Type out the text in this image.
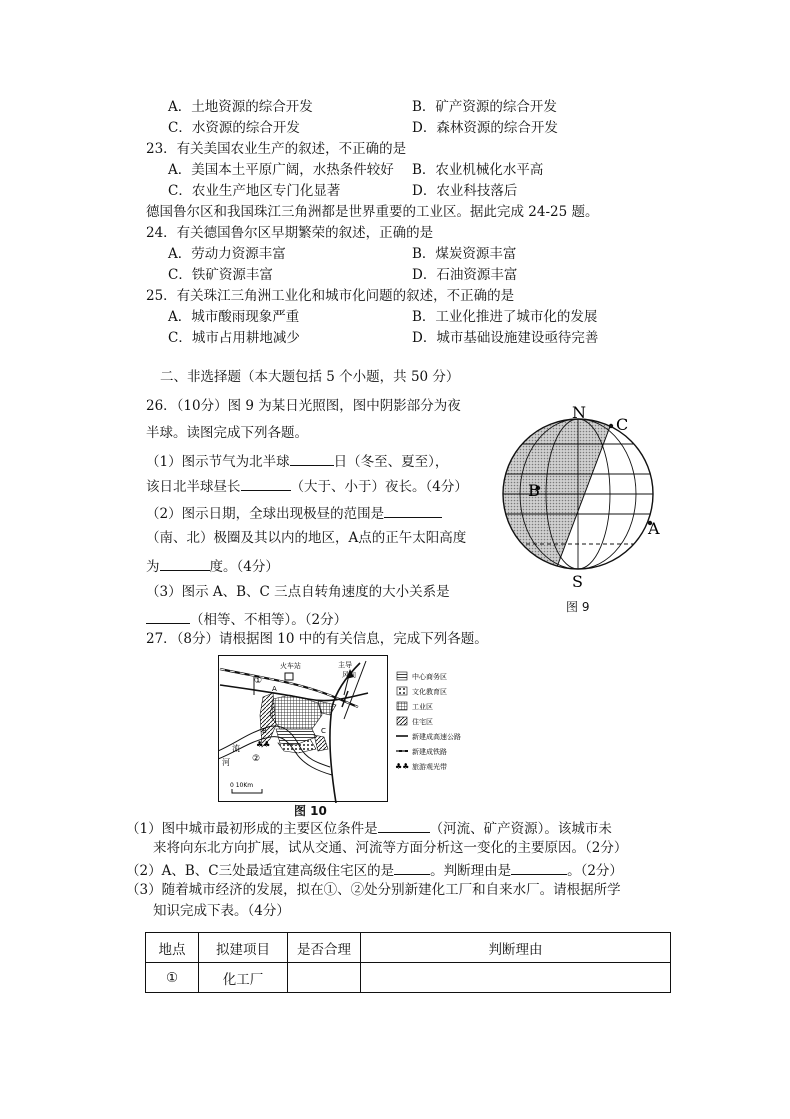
A．土地资源的综合开发	B．矿产资源的综合开发
C．水资源的综合开发	D．森林资源的综合开发
23．有关美国农业生产的叙述，不正确的是
A．美国本土平原广阔，水热条件较好 B．农业机械化水平高
C．农业生产地区专门化显著	D．农业科技落后
德国鲁尔区和我国珠江三角洲都是世界重要的工业区。据此完成 24-25 题。
24．有关德国鲁尔区早期繁荣的叙述，正确的是
A．劳动力资源丰富	B．煤炭资源丰富
C．铁矿资源丰富	D．石油资源丰富
25．有关珠江三角洲工业化和城市化问题的叙述，不正确的是
A．城市酸雨现象严重	B．工业化推进了城市化的发展
C．城市占用耕地减少	D．城市基础设施建设亟待完善
二、非选择题（本大题包括 5 个小题，共 50 分）
26．（10分）图 9 为某日光照图，图中阴影部分为夜
半球。读图完成下列各题。
（1）图示节气为北半球	日（冬至、夏至），
该日北半球昼长	（大于、小于）夜长。（4分）
（2）图示日期，全球出现极昼的范围是
（南、北）极圈及其以内的地区，A点的正午太阳高度
为	度。（4分）
（3）图示 A、B、C 三点自转角速度的大小关系是
（相等、不相等）。（2分）
N
S
C
B
A
图 9
27．（8分）请根据图 10 中的有关信息，完成下列各题。
火车站	主导
风向
①
②
A
B	C
流
河
♣♣
0 10Km
中心商务区
文化教育区
工业区
住宅区
新建成高速公路
新建成铁路
♣♣ 旅游观光带
图 10
（1）图中城市最初形成的主要区位条件是	（河流、矿产资源）。该城市未
来将向东北方向扩展，试从交通、河流等方面分析这一变化的主要原因。（2分）
（2）A、B、C三处最适宜建高级住宅区的是	。判断理由是	。（2分）
（3）随着城市经济的发展，拟在①、②处分别新建化工厂和自来水厂。请根据所学
知识完成下表。（4分）
地点	拟建项目	是否合理	判断理由
①	化工厂		
